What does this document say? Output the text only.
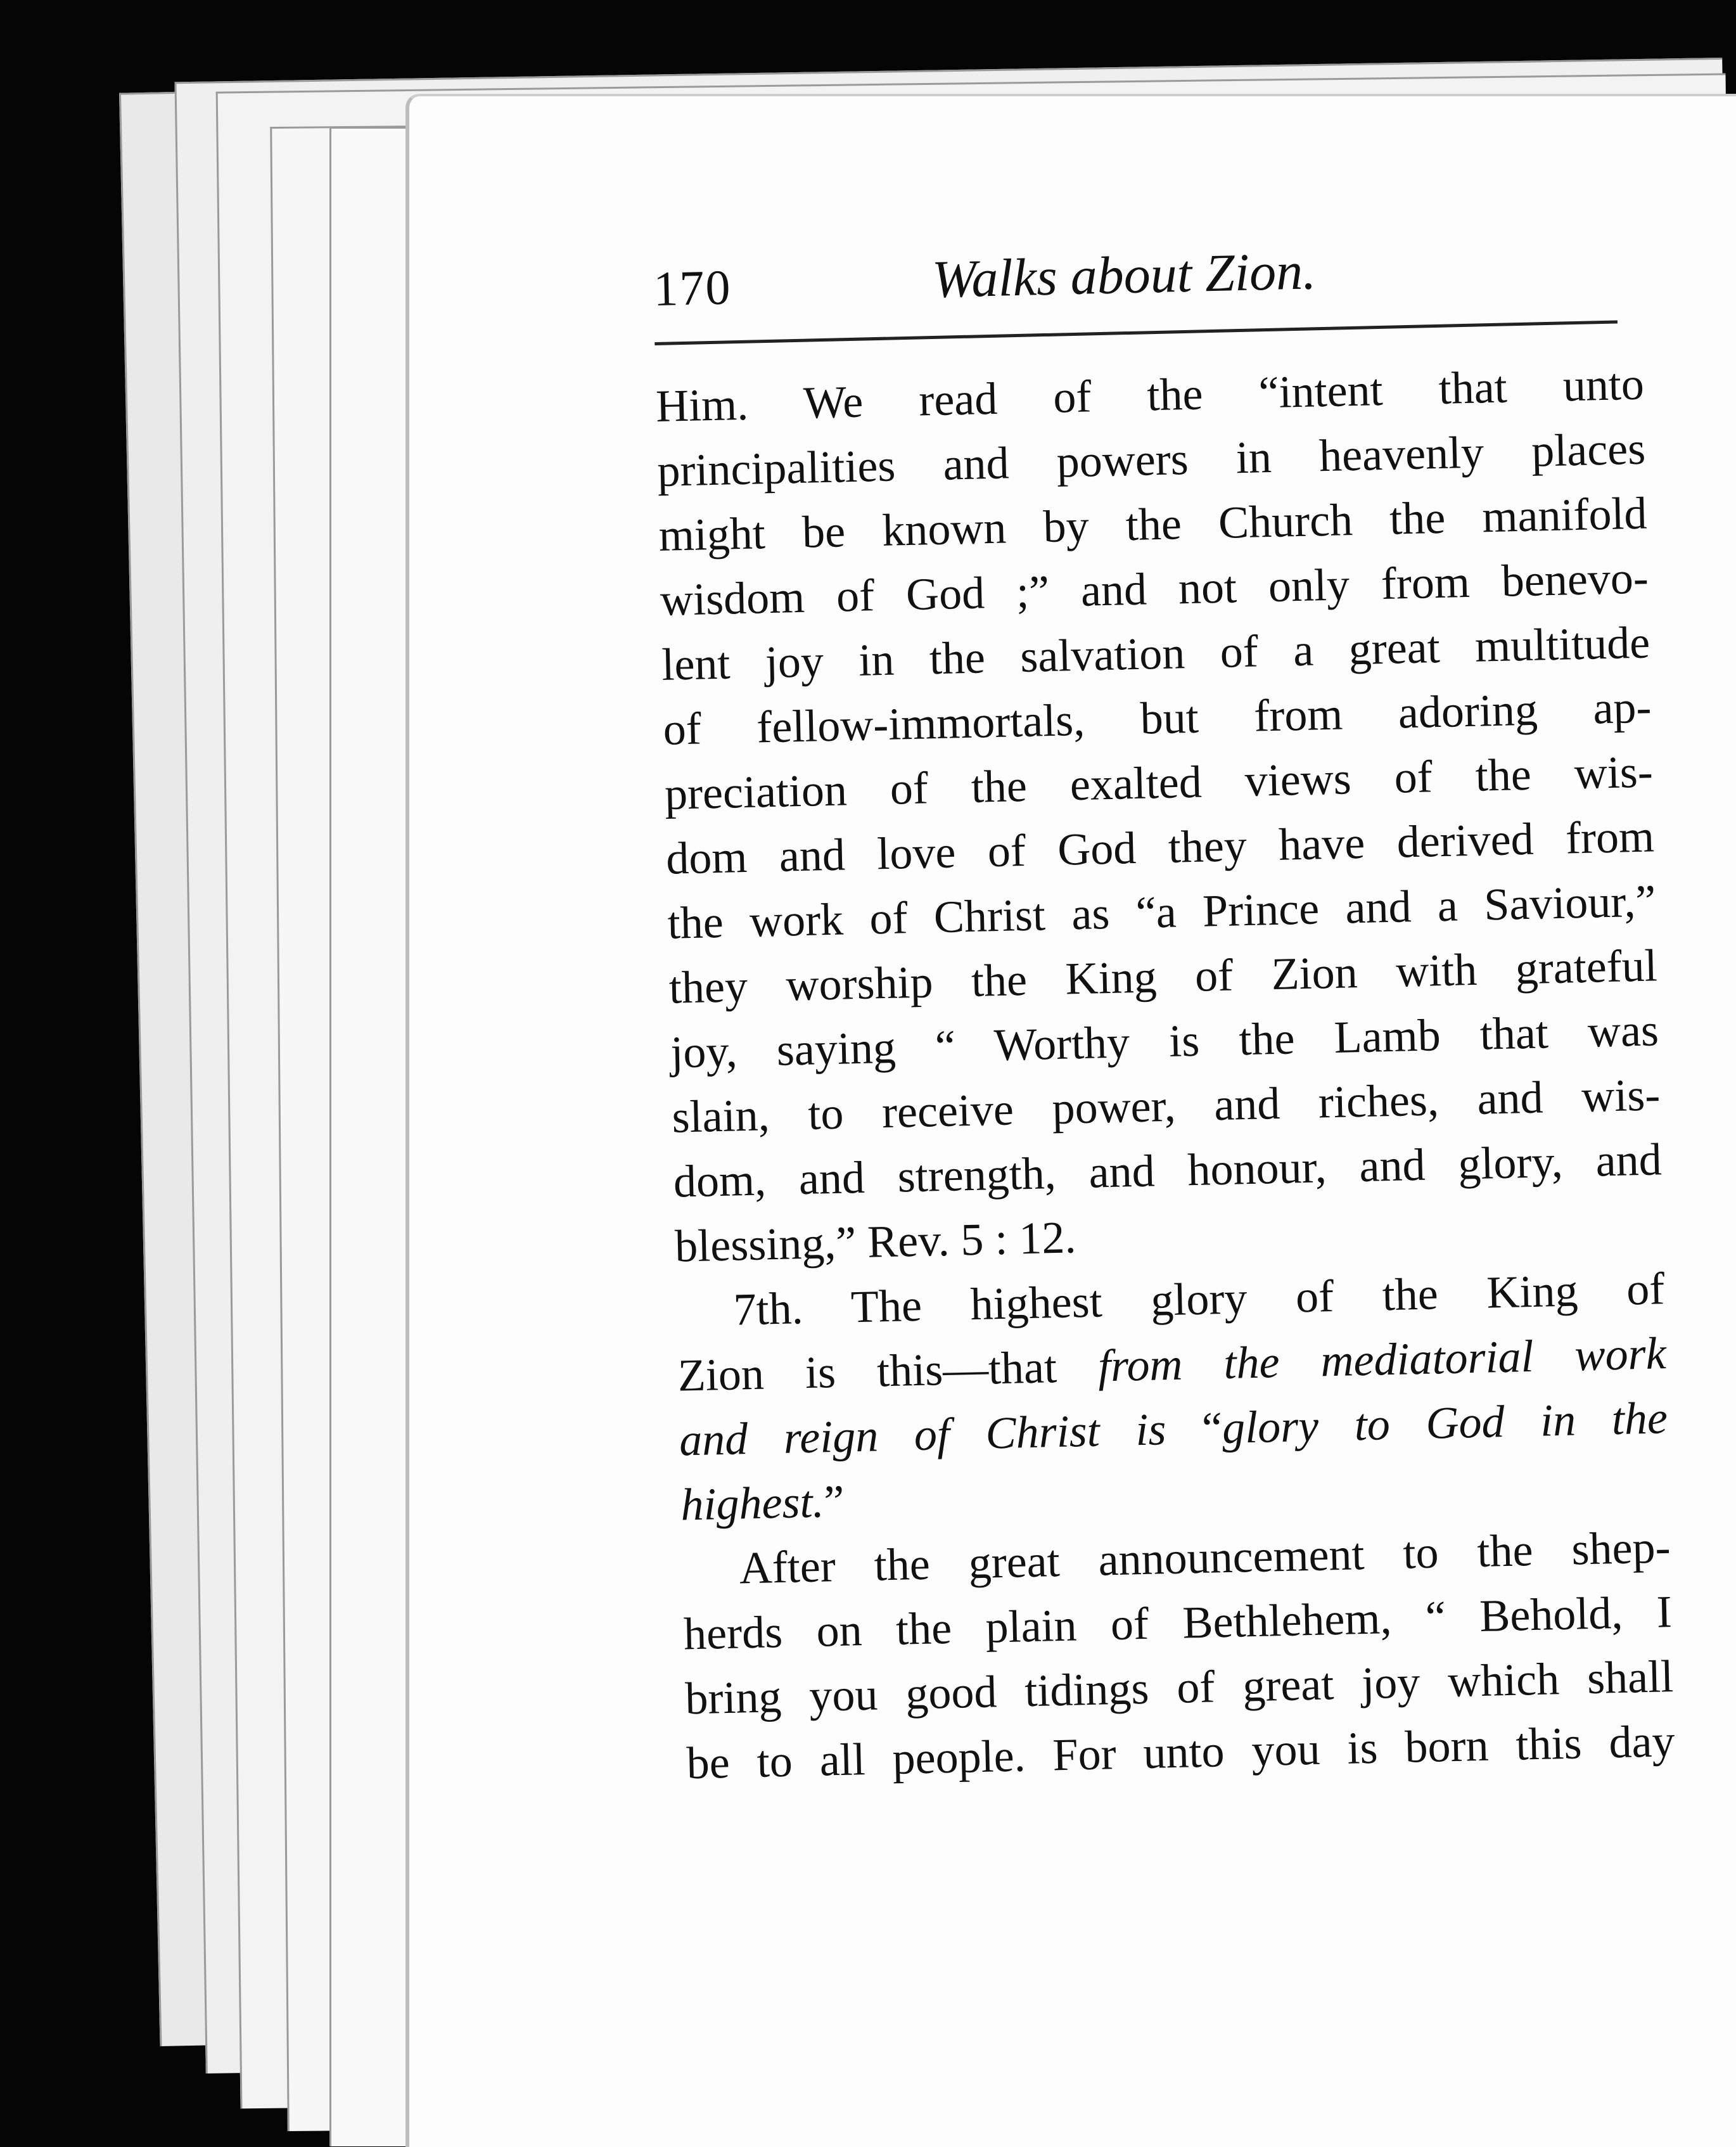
170	Walks about Zion.
Him. We read of the “intent that unto
principalities and powers in heavenly places
might be known by the Church the manifold
wisdom of God ;” and not only from benevo-
lent joy in the salvation of a great multitude
of fellow-immortals, but from adoring ap-
preciation of the exalted views of the wis-
dom and love of God they have derived from
the work of Christ as “a Prince and a Saviour,”
they worship the King of Zion with grateful
joy, saying “ Worthy is the Lamb that was
slain, to receive power, and riches, and wis-
dom, and strength, and honour, and glory, and
blessing,” Rev. 5 : 12.
7th. The highest glory of the King of
Zion is this—that from the mediatorial work
and reign of Christ is “glory to God in the
highest.”
After the great announcement to the shep-
herds on the plain of Bethlehem, “ Behold, I
bring you good tidings of great joy which shall
be to all people. For unto you is born this day
